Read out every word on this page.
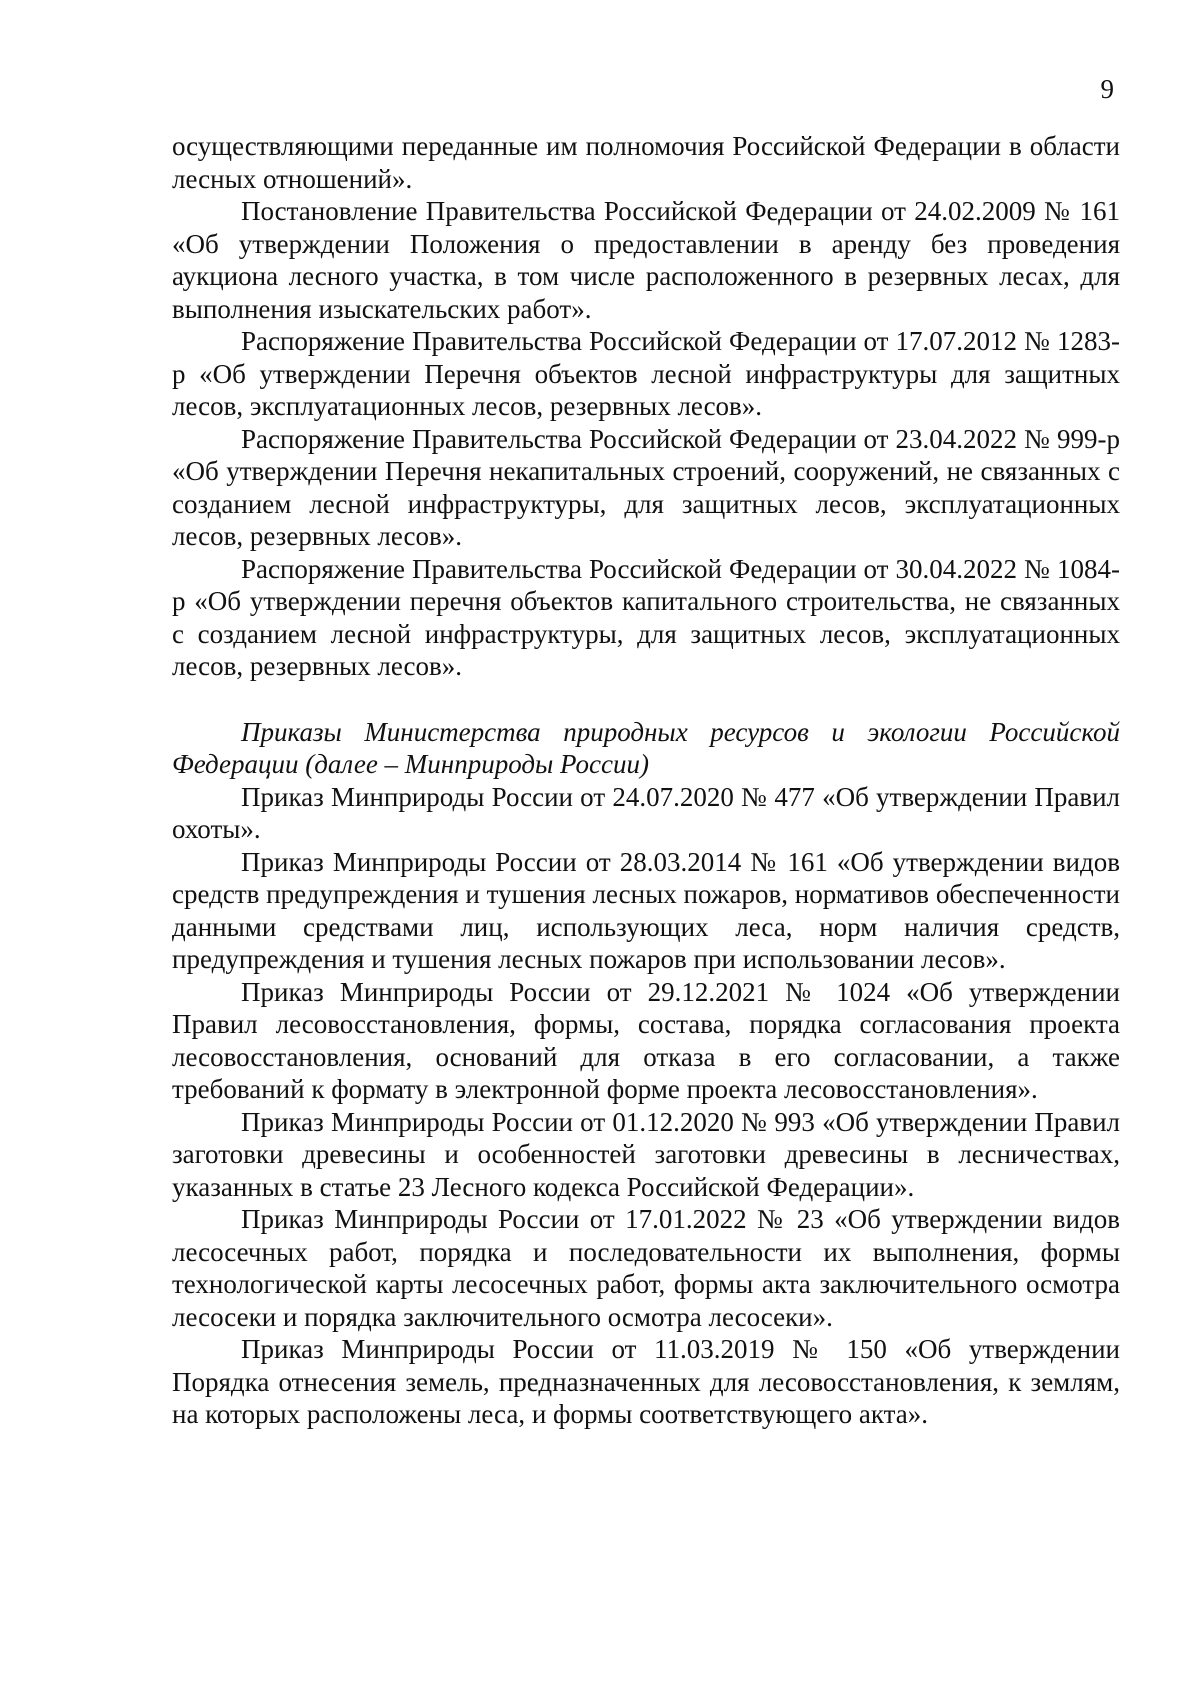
9

осуществляющими переданные им полномочия Российской Федерации в области лесных отношений».

Постановление Правительства Российской Федерации от 24.02.2009 № 161 «Об утверждении Положения о предоставлении в аренду без проведения аукциона лесного участка, в том числе расположенного в резервных лесах, для выполнения изыскательских работ».

Распоряжение Правительства Российской Федерации от 17.07.2012 № 1283-р «Об утверждении Перечня объектов лесной инфраструктуры для защитных лесов, эксплуатационных лесов, резервных лесов».

Распоряжение Правительства Российской Федерации от 23.04.2022 № 999-р «Об утверждении Перечня некапитальных строений, сооружений, не связанных с созданием лесной инфраструктуры, для защитных лесов, эксплуатационных лесов, резервных лесов».

Распоряжение Правительства Российской Федерации от 30.04.2022 № 1084-р «Об утверждении перечня объектов капитального строительства, не связанных с созданием лесной инфраструктуры, для защитных лесов, эксплуатационных лесов, резервных лесов».

Приказы Министерства природных ресурсов и экологии Российской Федерации (далее – Минприроды России)

Приказ Минприроды России от 24.07.2020 № 477 «Об утверждении Правил охоты».

Приказ Минприроды России от 28.03.2014 № 161 «Об утверждении видов средств предупреждения и тушения лесных пожаров, нормативов обеспеченности данными средствами лиц, использующих леса, норм наличия средств, предупреждения и тушения лесных пожаров при использовании лесов».

Приказ Минприроды России от 29.12.2021 № 1024 «Об утверждении Правил лесовосстановления, формы, состава, порядка согласования проекта лесовосстановления, оснований для отказа в его согласовании, а также требований к формату в электронной форме проекта лесовосстановления».

Приказ Минприроды России от 01.12.2020 № 993 «Об утверждении Правил заготовки древесины и особенностей заготовки древесины в лесничествах, указанных в статье 23 Лесного кодекса Российской Федерации».

Приказ Минприроды России от 17.01.2022 № 23 «Об утверждении видов лесосечных работ, порядка и последовательности их выполнения, формы технологической карты лесосечных работ, формы акта заключительного осмотра лесосеки и порядка заключительного осмотра лесосеки».

Приказ Минприроды России от 11.03.2019 № 150 «Об утверждении Порядка отнесения земель, предназначенных для лесовосстановления, к землям, на которых расположены леса, и формы соответствующего акта».
